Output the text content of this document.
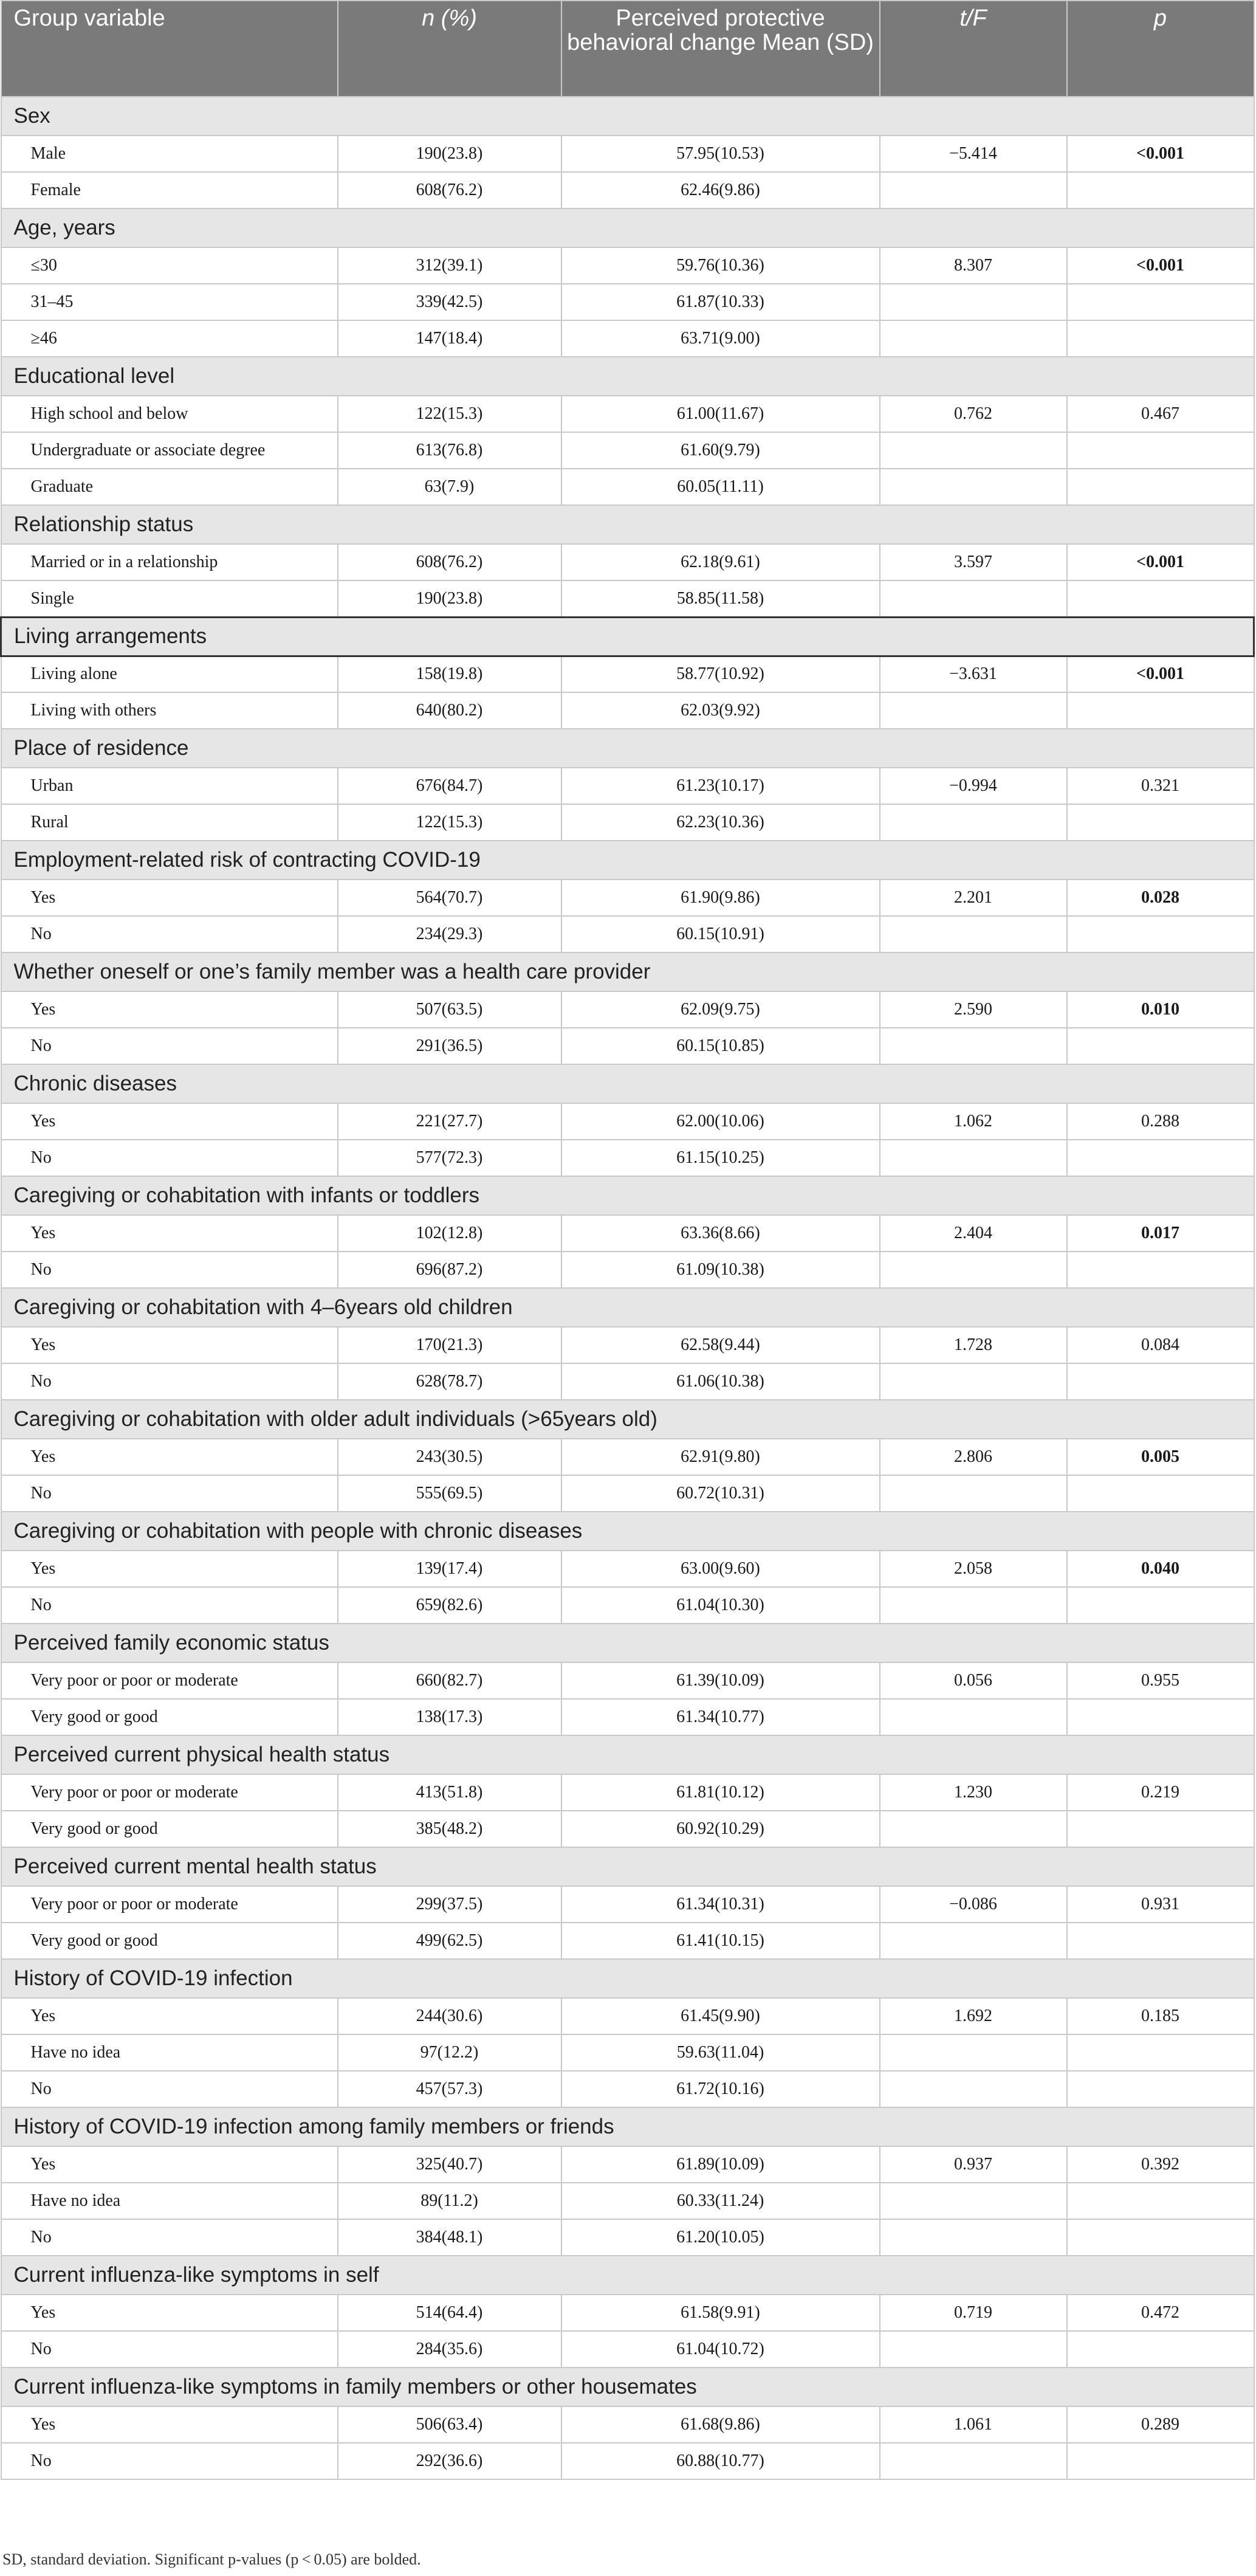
Group variable	n (%)	Perceived protective behavioral change Mean (SD)	t/F	p
Sex				
Male	190(23.8)	57.95(10.53)	−5.414	<0.001
Female	608(76.2)	62.46(9.86)		
Age, years				
≤30	312(39.1)	59.76(10.36)	8.307	<0.001
31–45	339(42.5)	61.87(10.33)		
≥46	147(18.4)	63.71(9.00)		
Educational level				
High school and below	122(15.3)	61.00(11.67)	0.762	0.467
Undergraduate or associate degree	613(76.8)	61.60(9.79)		
Graduate	63(7.9)	60.05(11.11)		
Relationship status				
Married or in a relationship	608(76.2)	62.18(9.61)	3.597	<0.001
Single	190(23.8)	58.85(11.58)		
Living arrangements				
Living alone	158(19.8)	58.77(10.92)	−3.631	<0.001
Living with others	640(80.2)	62.03(9.92)		
Place of residence				
Urban	676(84.7)	61.23(10.17)	−0.994	0.321
Rural	122(15.3)	62.23(10.36)		
Employment-related risk of contracting COVID-19				
Yes	564(70.7)	61.90(9.86)	2.201	0.028
No	234(29.3)	60.15(10.91)		
Whether oneself or one’s family member was a health care provider				
Yes	507(63.5)	62.09(9.75)	2.590	0.010
No	291(36.5)	60.15(10.85)		
Chronic diseases				
Yes	221(27.7)	62.00(10.06)	1.062	0.288
No	577(72.3)	61.15(10.25)		
Caregiving or cohabitation with infants or toddlers				
Yes	102(12.8)	63.36(8.66)	2.404	0.017
No	696(87.2)	61.09(10.38)		
Caregiving or cohabitation with 4–6years old children				
Yes	170(21.3)	62.58(9.44)	1.728	0.084
No	628(78.7)	61.06(10.38)		
Caregiving or cohabitation with older adult individuals (>65years old)				
Yes	243(30.5)	62.91(9.80)	2.806	0.005
No	555(69.5)	60.72(10.31)		
Caregiving or cohabitation with people with chronic diseases				
Yes	139(17.4)	63.00(9.60)	2.058	0.040
No	659(82.6)	61.04(10.30)		
Perceived family economic status				
Very poor or poor or moderate	660(82.7)	61.39(10.09)	0.056	0.955
Very good or good	138(17.3)	61.34(10.77)		
Perceived current physical health status				
Very poor or poor or moderate	413(51.8)	61.81(10.12)	1.230	0.219
Very good or good	385(48.2)	60.92(10.29)		
Perceived current mental health status				
Very poor or poor or moderate	299(37.5)	61.34(10.31)	−0.086	0.931
Very good or good	499(62.5)	61.41(10.15)		
History of COVID-19 infection				
Yes	244(30.6)	61.45(9.90)	1.692	0.185
Have no idea	97(12.2)	59.63(11.04)		
No	457(57.3)	61.72(10.16)		
History of COVID-19 infection among family members or friends				
Yes	325(40.7)	61.89(10.09)	0.937	0.392
Have no idea	89(11.2)	60.33(11.24)		
No	384(48.1)	61.20(10.05)		
Current influenza-like symptoms in self				
Yes	514(64.4)	61.58(9.91)	0.719	0.472
No	284(35.6)	61.04(10.72)		
Current influenza-like symptoms in family members or other housemates				
Yes	506(63.4)	61.68(9.86)	1.061	0.289
No	292(36.6)	60.88(10.77)		
SD, standard deviation. Significant p-values (p < 0.05) are bolded.
